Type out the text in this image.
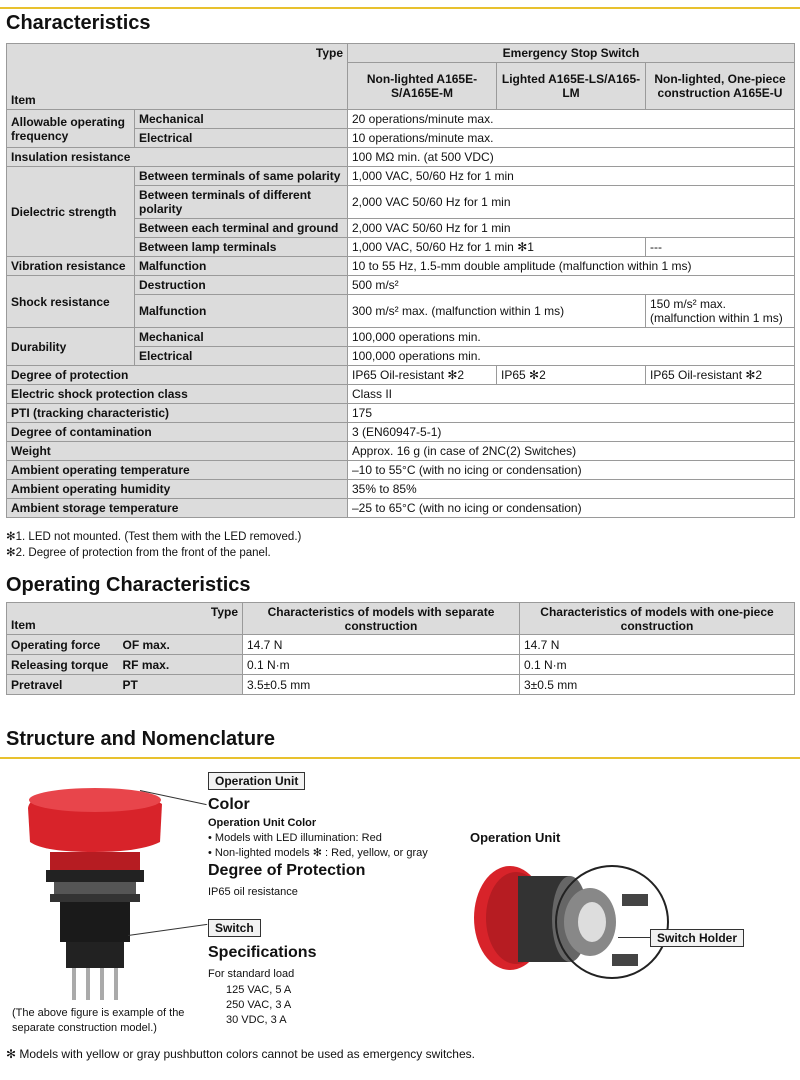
Characteristics
Type
Item		Emergency Stop Switch		
		Non-lighted A165E-S/A165E-M	Lighted A165E-LS/A165-LM	Non-lighted, One-piece construction A165E-U
Allowable operating frequency	Mechanical	20 operations/minute max.		
	Electrical	10 operations/minute max.		
Insulation resistance		100 MΩ min. (at 500 VDC)		
Dielectric strength	Between terminals of same polarity	1,000 VAC, 50/60 Hz for 1 min		
	Between terminals of different polarity	2,000 VAC 50/60 Hz for 1 min		
	Between each terminal and ground	2,000 VAC 50/60 Hz for 1 min		
	Between lamp terminals	1,000 VAC, 50/60 Hz for 1 min ✻1		---
Vibration resistance	Malfunction	10 to 55 Hz, 1.5-mm double amplitude (malfunction within 1 ms)		
Shock resistance	Destruction	500 m/s²		
	Malfunction	300 m/s² max. (malfunction within 1 ms)		150 m/s² max. (malfunction within 1 ms)
Durability	Mechanical	100,000 operations min.		
	Electrical	100,000 operations min.		
Degree of protection		IP65 Oil-resistant ✻2	IP65 ✻2	IP65 Oil-resistant ✻2
Electric shock protection class		Class II		
PTI (tracking characteristic)		175		
Degree of contamination		3 (EN60947-5-1)		
Weight		Approx. 16 g (in case of 2NC(2) Switches)		
Ambient operating temperature		–10 to 55°C (with no icing or condensation)		
Ambient operating humidity		35% to 85%		
Ambient storage temperature		–25 to 65°C (with no icing or condensation)		
✻1. LED not mounted. (Test them with the LED removed.)
✻2. Degree of protection from the front of the panel.
Operating Characteristics
Type
Item		Characteristics of models with separate construction	Characteristics of models with one-piece construction
Operating force	OF max.	14.7 N	14.7 N
Releasing torque	RF max.	0.1 N·m	0.1 N·m
Pretravel	PT	3.5±0.5 mm	3±0.5 mm
Structure and Nomenclature
Operation Unit
Color
Operation Unit Color
• Models with LED illumination: Red
• Non-lighted models ✻ : Red, yellow, or gray
Degree of Protection
IP65 oil resistance
Switch
Specifications
For standard load
125 VAC, 5 A
250 VAC, 3 A
30 VDC, 3 A
(The above figure is example of the separate construction model.)
Operation Unit
Switch Holder
✻ Models with yellow or gray pushbutton colors cannot be used as emergency switches.
